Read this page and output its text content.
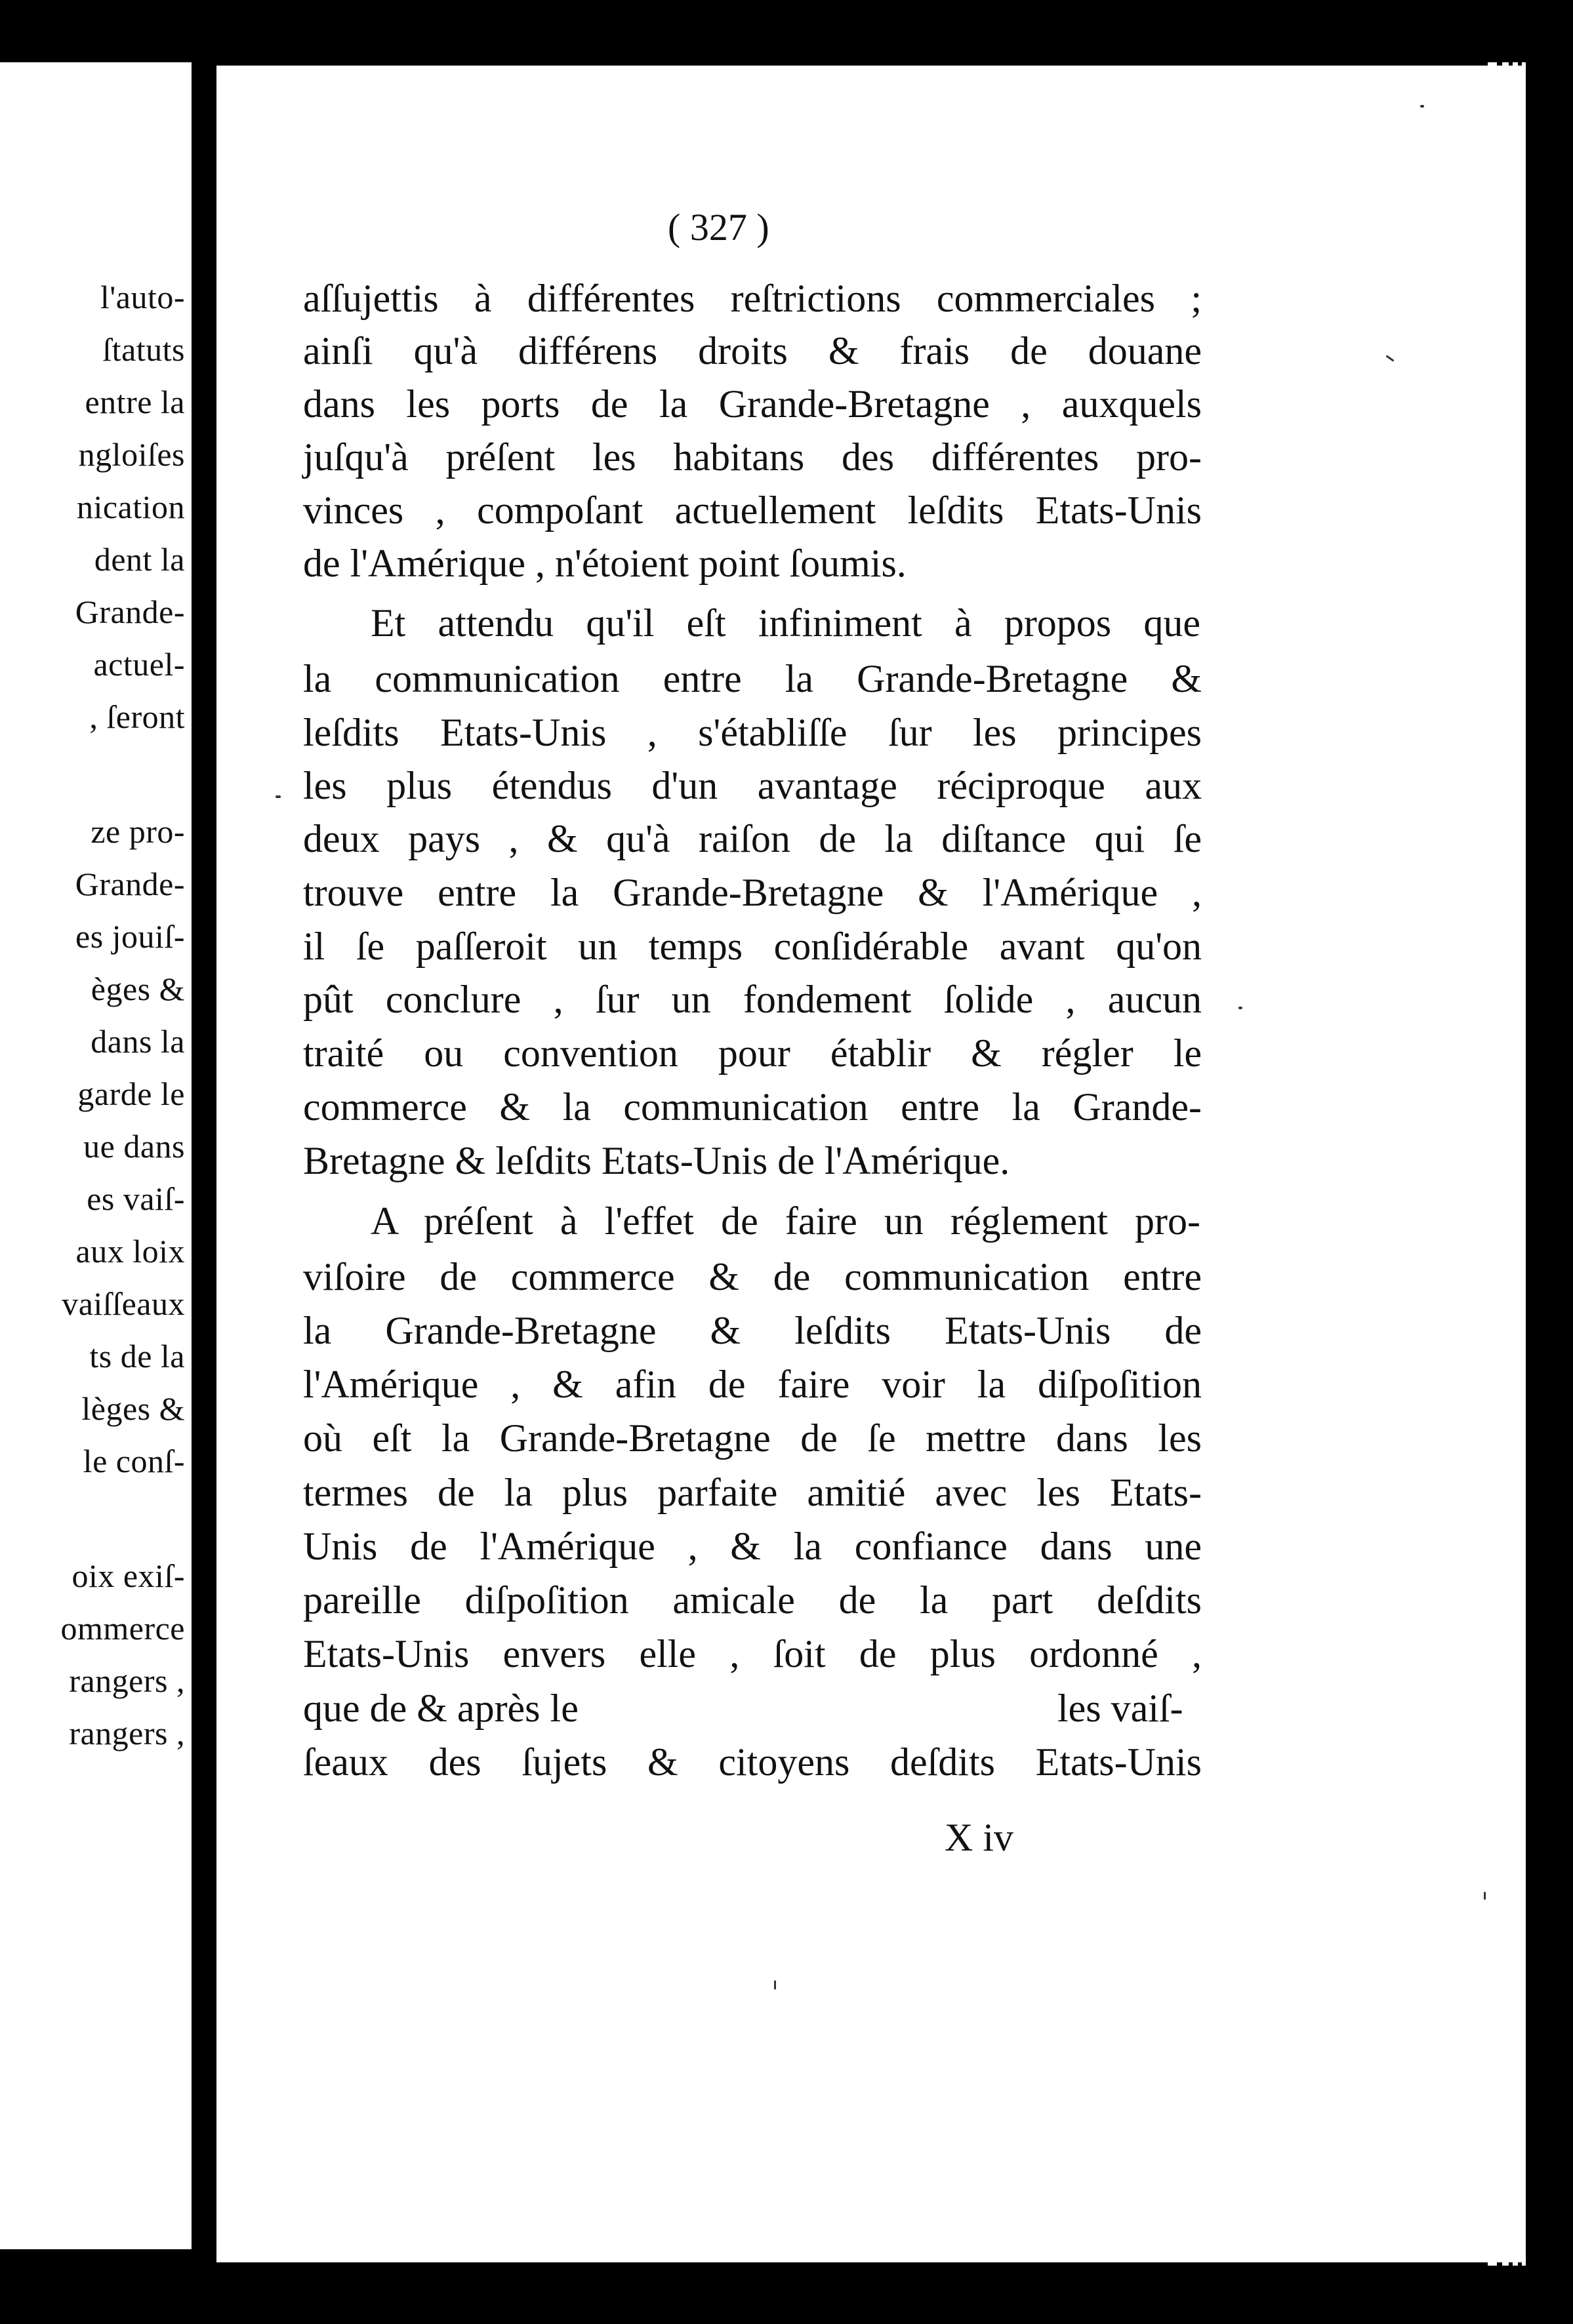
l'auto-
ſtatuts
entre la
ngloiſes
nication
dent la
Grande-
actuel-
, ſeront
ze pro-
Grande-
es jouiſ-
èges &
dans la
garde le
ue dans
es vaiſ-
aux loix
vaiſſeaux
ts de la
lèges &
le conſ-
oix exiſ-
ommerce
rangers ,
rangers ,
( 327 )
aſſujettis à différentes reſtrictions commerciales ;
ainſi qu'à différens droits & frais de douane
dans les ports de la Grande-Bretagne , auxquels
juſqu'à préſent les habitans des différentes pro-
vinces , compoſant actuellement leſdits Etats-Unis
de l'Amérique , n'étoient point ſoumis.
Et attendu qu'il eſt infiniment à propos que
la communication entre la Grande-Bretagne &
leſdits Etats-Unis , s'établiſſe ſur les principes
les plus étendus d'un avantage réciproque aux
deux pays , & qu'à raiſon de la diſtance qui ſe
trouve entre la Grande-Bretagne & l'Amérique ,
il ſe paſſeroit un temps conſidérable avant qu'on
pût conclure , ſur un fondement ſolide , aucun
traité ou convention pour établir & régler le
commerce & la communication entre la Grande-
Bretagne & leſdits Etats-Unis de l'Amérique.
A préſent à l'effet de faire un réglement pro-
viſoire de commerce & de communication entre
la Grande-Bretagne & leſdits Etats-Unis de
l'Amérique , & afin de faire voir la diſpoſition
où eſt la Grande-Bretagne de ſe mettre dans les
termes de la plus parfaite amitié avec les Etats-
Unis de l'Amérique , & la confiance dans une
pareille diſpoſition amicale de la part deſdits
Etats-Unis envers elle , ſoit de plus ordonné ,
que de & après le	les vaiſ-
ſeaux des ſujets & citoyens deſdits Etats-Unis
X iv
